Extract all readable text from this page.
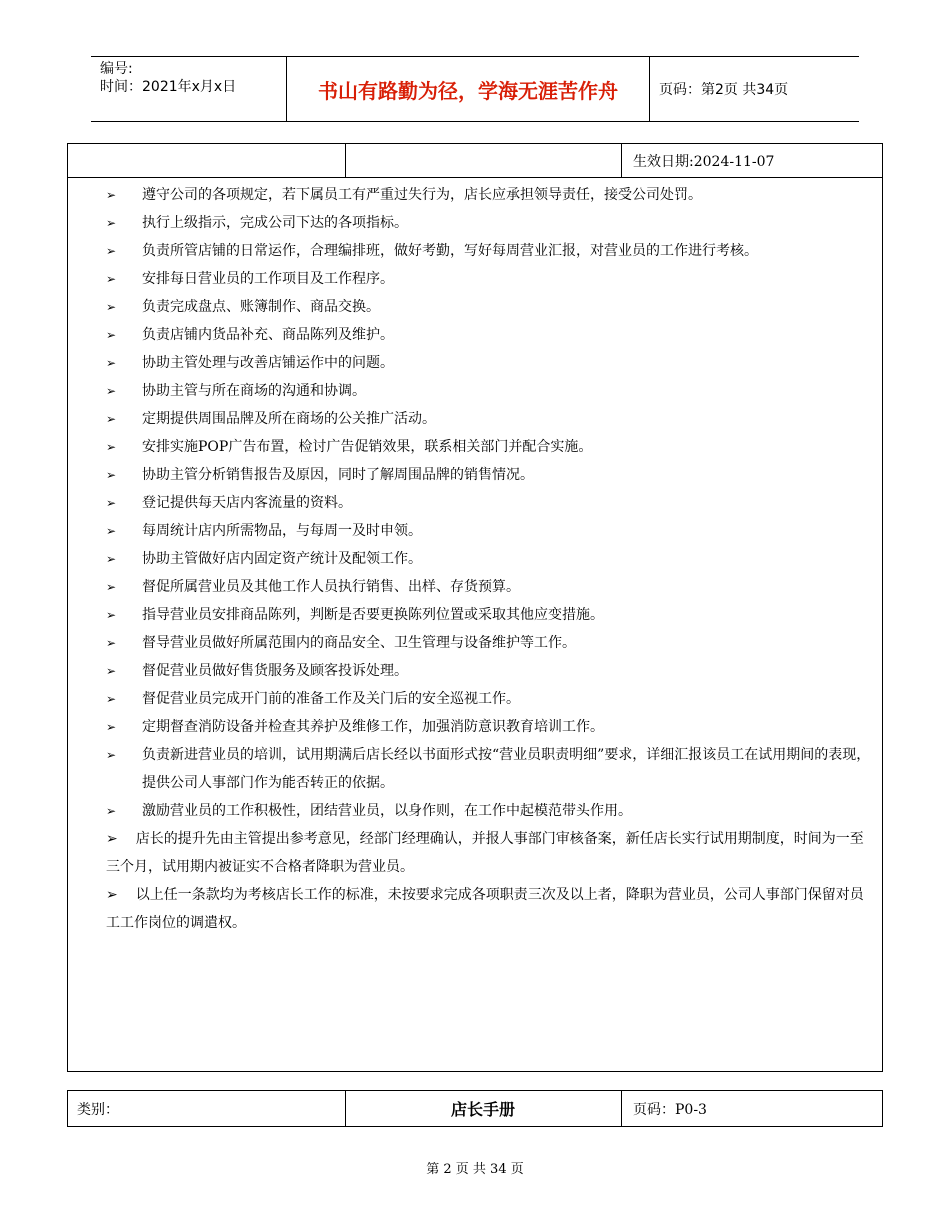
编号:
时间：2021年x月x日	书山有路勤为径，学海无涯苦作舟	页码：第2页 共34页
生效日期:2024-11-07
➢ 遵守公司的各项规定，若下属员工有严重过失行为，店长应承担领导责任，接受公司处罚。
➢ 执行上级指示，完成公司下达的各项指标。
➢ 负责所管店铺的日常运作，合理编排班，做好考勤，写好每周营业汇报，对营业员的工作进行考核。
➢ 安排每日营业员的工作项目及工作程序。
➢ 负责完成盘点、账簿制作、商品交换。
➢ 负责店铺内货品补充、商品陈列及维护。
➢ 协助主管处理与改善店铺运作中的问题。
➢ 协助主管与所在商场的沟通和协调。
➢ 定期提供周围品牌及所在商场的公关推广活动。
➢ 安排实施POP广告布置，检讨广告促销效果，联系相关部门并配合实施。
➢ 协助主管分析销售报告及原因，同时了解周围品牌的销售情况。
➢ 登记提供每天店内客流量的资料。
➢ 每周统计店内所需物品，与每周一及时申领。
➢ 协助主管做好店内固定资产统计及配领工作。
➢ 督促所属营业员及其他工作人员执行销售、出样、存货预算。
➢ 指导营业员安排商品陈列，判断是否要更换陈列位置或采取其他应变措施。
➢ 督导营业员做好所属范围内的商品安全、卫生管理与设备维护等工作。
➢ 督促营业员做好售货服务及顾客投诉处理。
➢ 督促营业员完成开门前的准备工作及关门后的安全巡视工作。
➢ 定期督查消防设备并检查其养护及维修工作，加强消防意识教育培训工作。
➢ 负责新进营业员的培训，试用期满后店长经以书面形式按“营业员职责明细”要求，详细汇报该员工在试用期间的表现，提供公司人事部门作为能否转正的依据。
➢ 激励营业员的工作积极性，团结营业员，以身作则，在工作中起模范带头作用。
➢ 店长的提升先由主管提出参考意见，经部门经理确认，并报人事部门审核备案，新任店长实行试用期制度，时间为一至三个月，试用期内被证实不合格者降职为营业员。
➢ 以上任一条款均为考核店长工作的标准，未按要求完成各项职责三次及以上者，降职为营业员，公司人事部门保留对员工工作岗位的调遣权。
类别：	店长手册	页码：P0-3
第 2 页 共 34 页
